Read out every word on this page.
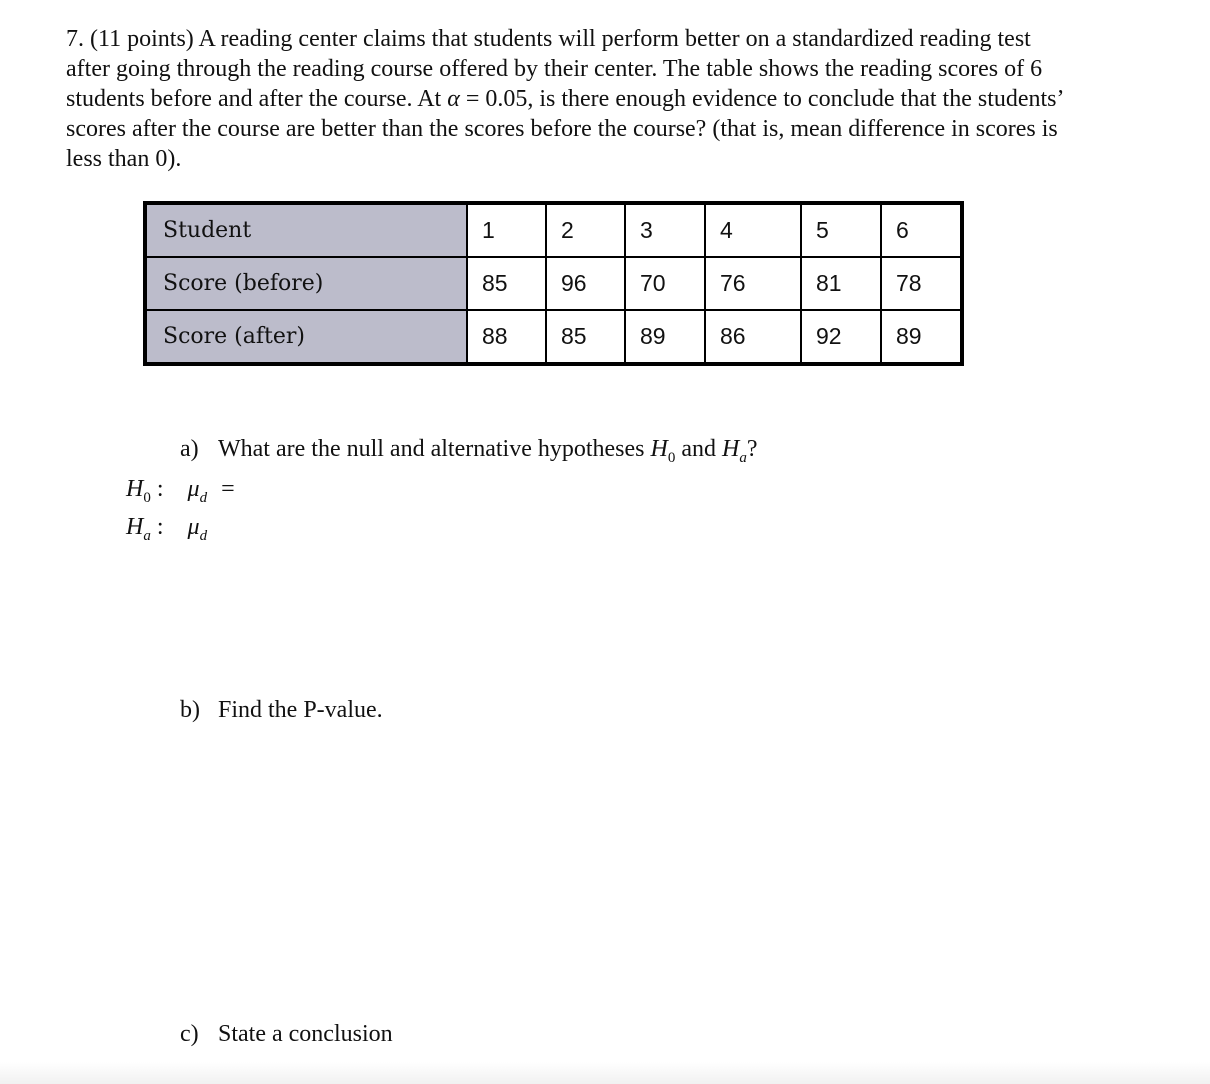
7. (11 points) A reading center claims that students will perform better on a standardized reading test
after going through the reading course offered by their center. The table shows the reading scores of 6
students before and after the course. At α = 0.05, is there enough evidence to conclude that the students’
scores after the course are better than the scores before the course? (that is, mean difference in scores is
less than 0).
Student	1	2	3	4	5	6
Score (before)	85	96	70	76	81	78
Score (after)	88	85	89	86	92	89
a) What are the null and alternative hypotheses $H_0$ and $H_a$?
$H_0$ : $\mu_d$ =
$H_a$ : $\mu_d$
b) Find the P-value.
c) State a conclusion
